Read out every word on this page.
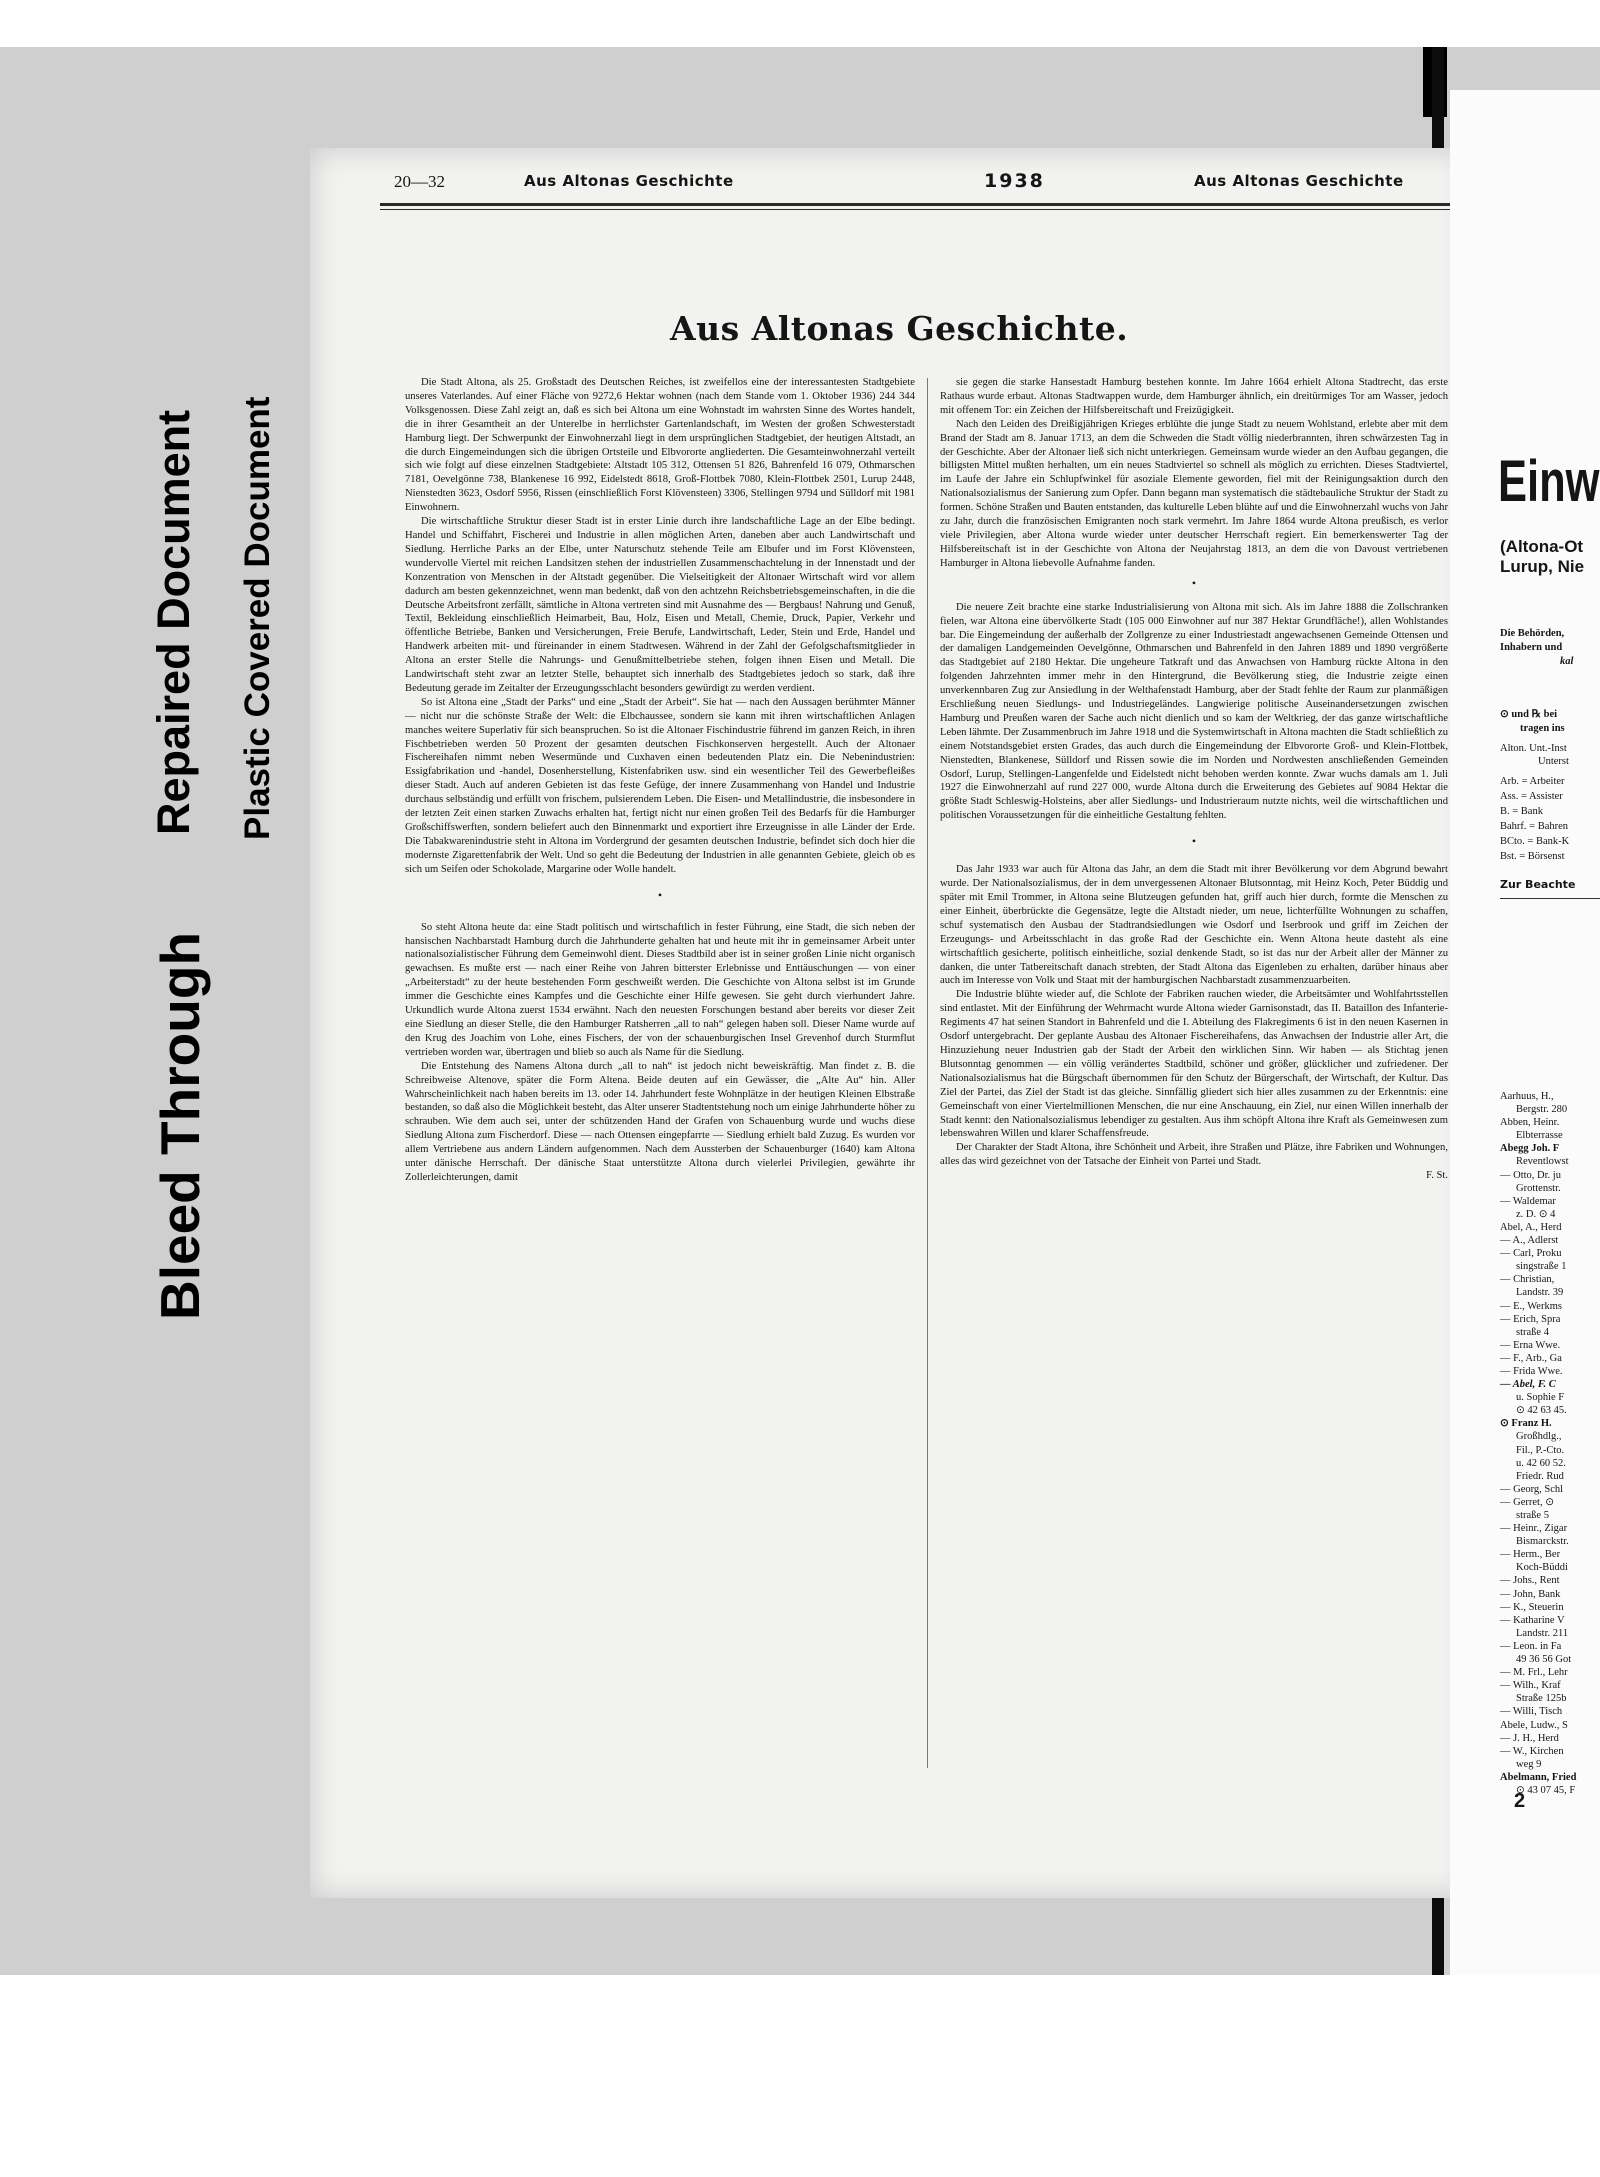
Bleed Through
Repaired Document Plastic Covered Document
20—32	Aus Altonas Geschichte	1938	Aus Altonas Geschichte
Aus Altonas Geschichte.

Die Stadt Altona, als 25. Großstadt des Deutschen Reiches, ist zweifellos eine der interessantesten Stadtgebiete unseres Vaterlandes. Auf einer Fläche von 9272,6 Hektar wohnen (nach dem Stande vom 1. Oktober 1936) 244 344 Volksgenossen. Diese Zahl zeigt an, daß es sich bei Altona um eine Wohnstadt im wahrsten Sinne des Wortes handelt, die in ihrer Gesamtheit an der Unterelbe in herrlichster Gartenlandschaft, im Westen der großen Schwesterstadt Hamburg liegt. Der Schwerpunkt der Einwohnerzahl liegt in dem ursprünglichen Stadtgebiet, der heutigen Altstadt, an die durch Eingemeindungen sich die übrigen Ortsteile und Elbvororte angliederten. Die Gesamteinwohnerzahl verteilt sich wie folgt auf diese einzelnen Stadtgebiete: Altstadt 105 312, Ottensen 51 826, Bahrenfeld 16 079, Othmarschen 7181, Oevelgönne 738, Blankenese 16 992, Eidelstedt 8618, Groß-Flottbek 7080, Klein-Flottbek 2501, Lurup 2448, Nienstedten 3623, Osdorf 5956, Rissen (einschließlich Forst Klövensteen) 3306, Stellingen 9794 und Sülldorf mit 1981 Einwohnern.

Die wirtschaftliche Struktur dieser Stadt ist in erster Linie durch ihre landschaftliche Lage an der Elbe bedingt. Handel und Schiffahrt, Fischerei und Industrie in allen möglichen Arten, daneben aber auch Landwirtschaft und Siedlung. Herrliche Parks an der Elbe, unter Naturschutz stehende Teile am Elbufer und im Forst Klövensteen, wundervolle Viertel mit reichen Landsitzen stehen der industriellen Zusammenschachtelung in der Innenstadt und der Konzentration von Menschen in der Altstadt gegenüber. Die Vielseitigkeit der Altonaer Wirtschaft wird vor allem dadurch am besten gekennzeichnet, wenn man bedenkt, daß von den achtzehn Reichsbetriebsgemeinschaften, in die die Deutsche Arbeitsfront zerfällt, sämtliche in Altona vertreten sind mit Ausnahme des — Bergbaus! Nahrung und Genuß, Textil, Bekleidung einschließlich Heimarbeit, Bau, Holz, Eisen und Metall, Chemie, Druck, Papier, Verkehr und öffentliche Betriebe, Banken und Versicherungen, Freie Berufe, Landwirtschaft, Leder, Stein und Erde, Handel und Handwerk arbeiten mit- und füreinander in einem Stadtwesen. Während in der Zahl der Gefolgschaftsmitglieder in Altona an erster Stelle die Nahrungs- und Genußmittelbetriebe stehen, folgen ihnen Eisen und Metall. Die Landwirtschaft steht zwar an letzter Stelle, behauptet sich innerhalb des Stadtgebietes jedoch so stark, daß ihre Bedeutung gerade im Zeitalter der Erzeugungsschlacht besonders gewürdigt zu werden verdient.

So ist Altona eine „Stadt der Parks“ und eine „Stadt der Arbeit“. Sie hat — nach den Aussagen berühmter Männer — nicht nur die schönste Straße der Welt: die Elbchaussee, sondern sie kann mit ihren wirtschaftlichen Anlagen manches weitere Superlativ für sich beanspruchen. So ist die Altonaer Fischindustrie führend im ganzen Reich, in ihren Fischbetrieben werden 50 Prozent der gesamten deutschen Fischkonserven hergestellt. Auch der Altonaer Fischereihafen nimmt neben Wesermünde und Cuxhaven einen bedeutenden Platz ein. Die Nebenindustrien: Essigfabrikation und -handel, Dosenherstellung, Kistenfabriken usw. sind ein wesentlicher Teil des Gewerbefleißes dieser Stadt. Auch auf anderen Gebieten ist das feste Gefüge, der innere Zusammenhang von Handel und Industrie durchaus selbständig und erfüllt von frischem, pulsierendem Leben. Die Eisen- und Metallindustrie, die insbesondere in der letzten Zeit einen starken Zuwachs erhalten hat, fertigt nicht nur einen großen Teil des Bedarfs für die Hamburger Großschiffswerften, sondern beliefert auch den Binnenmarkt und exportiert ihre Erzeugnisse in alle Länder der Erde. Die Tabakwarenindustrie steht in Altona im Vordergrund der gesamten deutschen Industrie, befindet sich doch hier die modernste Zigarettenfabrik der Welt. Und so geht die Bedeutung der Industrien in alle genannten Gebiete, gleich ob es sich um Seifen oder Schokolade, Margarine oder Wolle handelt.

•

So steht Altona heute da: eine Stadt politisch und wirtschaftlich in fester Führung, eine Stadt, die sich neben der hansischen Nachbarstadt Hamburg durch die Jahrhunderte gehalten hat und heute mit ihr in gemeinsamer Arbeit unter nationalsozialistischer Führung dem Gemeinwohl dient. Dieses Stadtbild aber ist in seiner großen Linie nicht organisch gewachsen. Es mußte erst — nach einer Reihe von Jahren bitterster Erlebnisse und Enttäuschungen — von einer „Arbeiterstadt“ zu der heute bestehenden Form geschweißt werden. Die Geschichte von Altona selbst ist im Grunde immer die Geschichte eines Kampfes und die Geschichte einer Hilfe gewesen. Sie geht durch vierhundert Jahre. Urkundlich wurde Altona zuerst 1534 erwähnt. Nach den neuesten Forschungen bestand aber bereits vor dieser Zeit eine Siedlung an dieser Stelle, die den Hamburger Ratsherren „all to nah“ gelegen haben soll. Dieser Name wurde auf den Krug des Joachim von Lohe, eines Fischers, der von der schauenburgischen Insel Grevenhof durch Sturmflut vertrieben worden war, übertragen und blieb so auch als Name für die Siedlung.

Die Entstehung des Namens Altona durch „all to nah“ ist jedoch nicht beweiskräftig. Man findet z. B. die Schreibweise Altenove, später die Form Altena. Beide deuten auf ein Gewässer, die „Alte Au“ hin. Aller Wahrscheinlichkeit nach haben bereits im 13. oder 14. Jahrhundert feste Wohnplätze in der heutigen Kleinen Elbstraße bestanden, so daß also die Möglichkeit besteht, das Alter unserer Stadtentstehung noch um einige Jahrhunderte höher zu schrauben. Wie dem auch sei, unter der schützenden Hand der Grafen von Schauenburg wurde und wuchs diese Siedlung Altona zum Fischerdorf. Diese — nach Ottensen eingepfarrte — Siedlung erhielt bald Zuzug. Es wurden vor allem Vertriebene aus andern Ländern aufgenommen. Nach dem Aussterben der Schauenburger (1640) kam Altona unter dänische Herrschaft. Der dänische Staat unterstützte Altona durch vielerlei Privilegien, gewährte ihr Zollerleichterungen, damit

sie gegen die starke Hansestadt Hamburg bestehen konnte. Im Jahre 1664 erhielt Altona Stadtrecht, das erste Rathaus wurde erbaut. Altonas Stadtwappen wurde, dem Hamburger ähnlich, ein dreitürmiges Tor am Wasser, jedoch mit offenem Tor: ein Zeichen der Hilfsbereitschaft und Freizügigkeit.

Nach den Leiden des Dreißigjährigen Krieges erblühte die junge Stadt zu neuem Wohlstand, erlebte aber mit dem Brand der Stadt am 8. Januar 1713, an dem die Schweden die Stadt völlig niederbrannten, ihren schwärzesten Tag in der Geschichte. Aber der Altonaer ließ sich nicht unterkriegen. Gemeinsam wurde wieder an den Aufbau gegangen, die billigsten Mittel mußten herhalten, um ein neues Stadtviertel so schnell als möglich zu errichten. Dieses Stadtviertel, im Laufe der Jahre ein Schlupfwinkel für asoziale Elemente geworden, fiel mit der Reinigungsaktion durch den Nationalsozialismus der Sanierung zum Opfer. Dann begann man systematisch die städtebauliche Struktur der Stadt zu formen. Schöne Straßen und Bauten entstanden, das kulturelle Leben blühte auf und die Einwohnerzahl wuchs von Jahr zu Jahr, durch die französischen Emigranten noch stark vermehrt. Im Jahre 1864 wurde Altona preußisch, es verlor viele Privilegien, aber Altona wurde wieder unter deutscher Herrschaft regiert. Ein bemerkenswerter Tag der Hilfsbereitschaft ist in der Geschichte von Altona der Neujahrstag 1813, an dem die von Davoust vertriebenen Hamburger in Altona liebevolle Aufnahme fanden.

•

Die neuere Zeit brachte eine starke Industrialisierung von Altona mit sich. Als im Jahre 1888 die Zollschranken fielen, war Altona eine übervölkerte Stadt (105 000 Einwohner auf nur 387 Hektar Grundfläche!), allen Wohlstandes bar. Die Eingemeindung der außerhalb der Zollgrenze zu einer Industriestadt angewachsenen Gemeinde Ottensen und der damaligen Landgemeinden Oevelgönne, Othmarschen und Bahrenfeld in den Jahren 1889 und 1890 vergrößerte das Stadtgebiet auf 2180 Hektar. Die ungeheure Tatkraft und das Anwachsen von Hamburg rückte Altona in den folgenden Jahrzehnten immer mehr in den Hintergrund, die Bevölkerung stieg, die Industrie zeigte einen unverkennbaren Zug zur Ansiedlung in der Welthafenstadt Hamburg, aber der Stadt fehlte der Raum zur planmäßigen Erschließung neuen Siedlungs- und Industriegeländes. Langwierige politische Auseinandersetzungen zwischen Hamburg und Preußen waren der Sache auch nicht dienlich und so kam der Weltkrieg, der das ganze wirtschaftliche Leben lähmte. Der Zusammenbruch im Jahre 1918 und die Systemwirtschaft in Altona machten die Stadt schließlich zu einem Notstandsgebiet ersten Grades, das auch durch die Eingemeindung der Elbvororte Groß- und Klein-Flottbek, Nienstedten, Blankenese, Sülldorf und Rissen sowie die im Norden und Nordwesten anschließenden Gemeinden Osdorf, Lurup, Stellingen-Langenfelde und Eidelstedt nicht behoben werden konnte. Zwar wuchs damals am 1. Juli 1927 die Einwohnerzahl auf rund 227 000, wurde Altona durch die Erweiterung des Gebietes auf 9084 Hektar die größte Stadt Schleswig-Holsteins, aber aller Siedlungs- und Industrieraum nutzte nichts, weil die wirtschaftlichen und politischen Voraussetzungen für die einheitliche Gestaltung fehlten.

•

Das Jahr 1933 war auch für Altona das Jahr, an dem die Stadt mit ihrer Bevölkerung vor dem Abgrund bewahrt wurde. Der Nationalsozialismus, der in dem unvergessenen Altonaer Blutsonntag, mit Heinz Koch, Peter Büddig und später mit Emil Trommer, in Altona seine Blutzeugen gefunden hat, griff auch hier durch, formte die Menschen zu einer Einheit, überbrückte die Gegensätze, legte die Altstadt nieder, um neue, lichterfüllte Wohnungen zu schaffen, schuf systematisch den Ausbau der Stadtrandsiedlungen wie Osdorf und Iserbrook und griff im Zeichen der Erzeugungs- und Arbeitsschlacht in das große Rad der Geschichte ein. Wenn Altona heute dasteht als eine wirtschaftlich gesicherte, politisch einheitliche, sozial denkende Stadt, so ist das nur der Arbeit aller der Männer zu danken, die unter Tatbereitschaft danach strebten, der Stadt Altona das Eigenleben zu erhalten, darüber hinaus aber auch im Interesse von Volk und Staat mit der hamburgischen Nachbarstadt zusammenzuarbeiten.

Die Industrie blühte wieder auf, die Schlote der Fabriken rauchen wieder, die Arbeitsämter und Wohlfahrtsstellen sind entlastet. Mit der Einführung der Wehrmacht wurde Altona wieder Garnisonstadt, das II. Bataillon des Infanterie-Regiments 47 hat seinen Standort in Bahrenfeld und die I. Abteilung des Flakregiments 6 ist in den neuen Kasernen in Osdorf untergebracht. Der geplante Ausbau des Altonaer Fischereihafens, das Anwachsen der Industrie aller Art, die Hinzuziehung neuer Industrien gab der Stadt der Arbeit den wirklichen Sinn. Wir haben — als Stichtag jenen Blutsonntag genommen — ein völlig verändertes Stadtbild, schöner und größer, glücklicher und zufriedener. Der Nationalsozialismus hat die Bürgschaft übernommen für den Schutz der Bürgerschaft, der Wirtschaft, der Kultur. Das Ziel der Partei, das Ziel der Stadt ist das gleiche. Sinnfällig gliedert sich hier alles zusammen zu der Erkenntnis: eine Gemeinschaft von einer Viertelmillionen Menschen, die nur eine Anschauung, ein Ziel, nur einen Willen innerhalb der Stadt kennt: den Nationalsozialismus lebendiger zu gestalten. Aus ihm schöpft Altona ihre Kraft als Gemeinwesen zum lebenswahren Willen und klarer Schaffensfreude.

Der Charakter der Stadt Altona, ihre Schönheit und Arbeit, ihre Straßen und Plätze, ihre Fabriken und Wohnungen, alles das wird gezeichnet von der Tatsache der Einheit von Partei und Stadt.

F. St.
Einw
(Altona-Ot
Lurup, Nie
Die Behörden,
Inhabern und
kal
⊙ und ℞ bei
tragen ins
Alton. Unt.-Inst
Unterst
Arb. = Arbeiter
Ass. = Assister
B. = Bank
Bahrf. = Bahren
BCto. = Bank-K
Bst. = Börsenst
Zur Beachte
Aarhuus, H.,
Bergstr. 280
Abben, Heinr.
Elbterrasse
Abegg Joh. F
Reventlowst
— Otto, Dr. ju
Grottenstr.
— Waldemar
z. D. ⊙ 4
Abel, A., Herd
— A., Adlerst
— Carl, Proku
singstraße 1
— Christian,
Landstr. 39
— E., Werkms
— Erich, Spra
straße 4
— Erna Wwe.
— F., Arb., Ga
— Frida Wwe.
— Abel, F. C
u. Sophie F
⊙ 42 63 45.
⊙ Franz H.
Großhdlg.,
Fil., P.-Cto.
u. 42 60 52.
Friedr. Rud
— Georg, Schl
— Gerret, ⊙
straße 5
— Heinr., Zigar
Bismarckstr.
— Herm., Ber
Koch-Büddi
— Johs., Rent
— John, Bank
— K., Steuerin
— Katharine V
Landstr. 211
— Leon. in Fa
49 36 56 Got
— M. Frl., Lehr
— Wilh., Kraf
Straße 125b
— Willi, Tisch
Abele, Ludw., S
— J. H., Herd
— W., Kirchen
weg 9
Abelmann, Fried
⊙ 43 07 45, F
2
